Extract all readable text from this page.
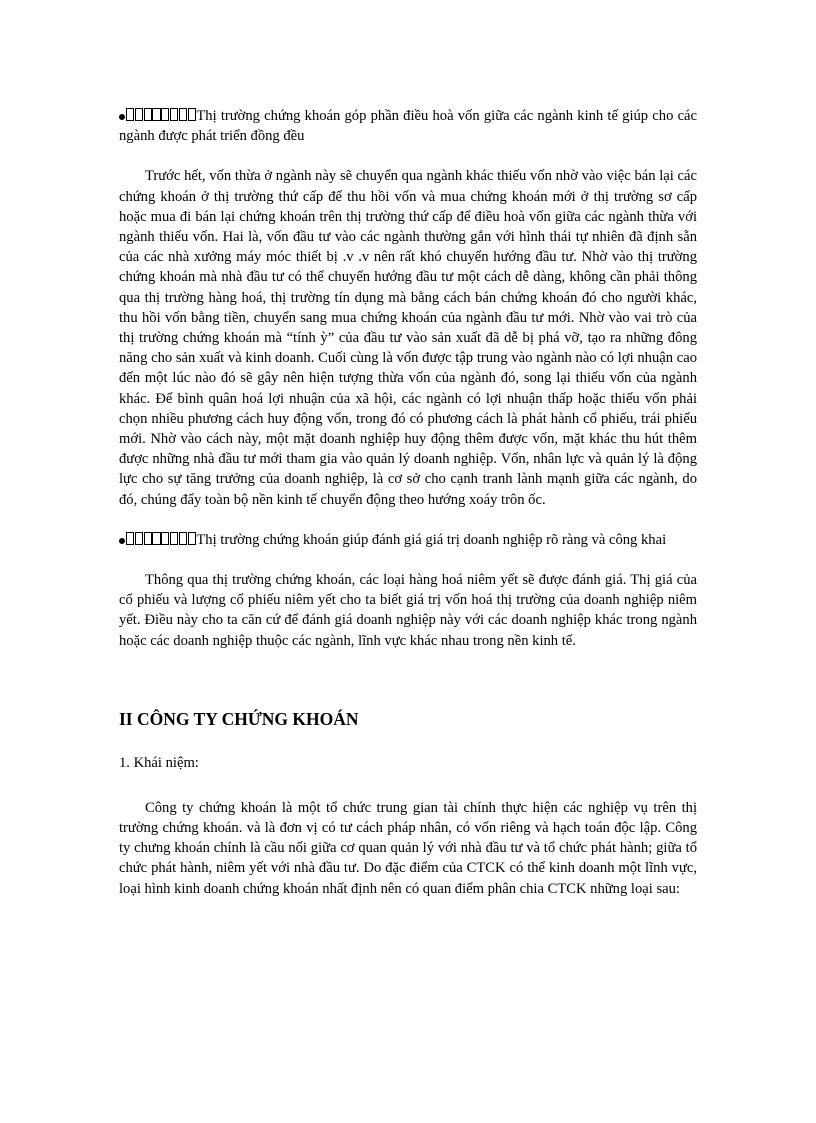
Thị trường chứng khoán góp phần điều hoà vốn giữa các ngành kinh tế giúp cho các ngành được phát triển đồng đều

Trước hết, vốn thừa ở ngành này sẽ chuyển qua ngành khác thiếu vốn nhờ vào việc bán lại các chứng khoán ở thị trường thứ cấp để thu hồi vốn và mua chứng khoán mới ở thị trường sơ cấp hoặc mua đi bán lại chứng khoán trên thị trường thứ cấp để điều hoà vốn giữa các ngành thừa với ngành thiếu vốn. Hai là, vốn đầu tư vào các ngành thường gắn với hình thái tự nhiên đã định sẵn của các nhà xưởng máy móc thiết bị .v .v nên rất khó chuyển hướng đầu tư. Nhờ vào thị trường chứng khoán mà nhà đầu tư có thể chuyển hướng đầu tư một cách dễ dàng, không cần phải thông qua thị trường hàng hoá, thị trường tín dụng mà bằng cách bán chứng khoán đó cho người khác, thu hồi vốn bằng tiền, chuyển sang mua chứng khoán của ngành đầu tư mới. Nhờ vào vai trò của thị trường chứng khoán mà “tính ỳ” của đầu tư vào sản xuất đã dễ bị phá vỡ, tạo ra những đông năng cho sản xuất và kinh doanh. Cuối cùng là vốn được tập trung vào ngành nào có lợi nhuận cao đến một lúc nào đó sẽ gây nên hiện tượng thừa vốn của ngành đó, song lại thiếu vốn của ngành khác. Để bình quân hoá lợi nhuận của xã hội, các ngành có lợi nhuận thấp hoặc thiếu vốn phải chọn nhiều phương cách huy động vốn, trong đó có phương cách là phát hành cổ phiếu, trái phiếu mới. Nhờ vào cách này, một mặt doanh nghiệp huy động thêm được vốn, mặt khác thu hút thêm được những nhà đầu tư mới tham gia vào quản lý doanh nghiệp. Vốn, nhân lực và quản lý là động lực cho sự tăng trưởng của doanh nghiệp, là cơ sở cho cạnh tranh lành mạnh giữa các ngành, do đó, chúng đẩy toàn bộ nền kinh tế chuyển động theo hướng xoáy trôn ốc.

Thị trường chứng khoán giúp đánh giá giá trị doanh nghiệp rõ ràng và công khai

Thông qua thị trường chứng khoán, các loại hàng hoá niêm yết sẽ được đánh giá. Thị giá của cổ phiếu và lượng cổ phiếu niêm yết cho ta biết giá trị vốn hoá thị trường của doanh nghiệp niêm yết. Điều này cho ta căn cứ để đánh giá doanh nghiệp này với các doanh nghiệp khác trong ngành hoặc các doanh nghiệp thuộc các ngành, lĩnh vực khác nhau trong nền kinh tế.

II CÔNG TY CHỨNG KHOÁN

1. Khái niệm:

Công ty chứng khoán là một tổ chức trung gian tài chính thực hiện các nghiệp vụ trên thị trường chứng khoán. và là đơn vị có tư cách pháp nhân, có vốn riêng và hạch toán độc lập. Công ty chưng khoán chính là cầu nối giữa cơ quan quản lý với nhà đầu tư và tổ chức phát hành; giữa tổ chức phát hành, niêm yết với nhà đầu tư. Do đặc điểm của CTCK có thể kinh doanh một lĩnh vực, loại hình kinh doanh chứng khoán nhất định nên có quan điểm phân chia CTCK những loại sau:
